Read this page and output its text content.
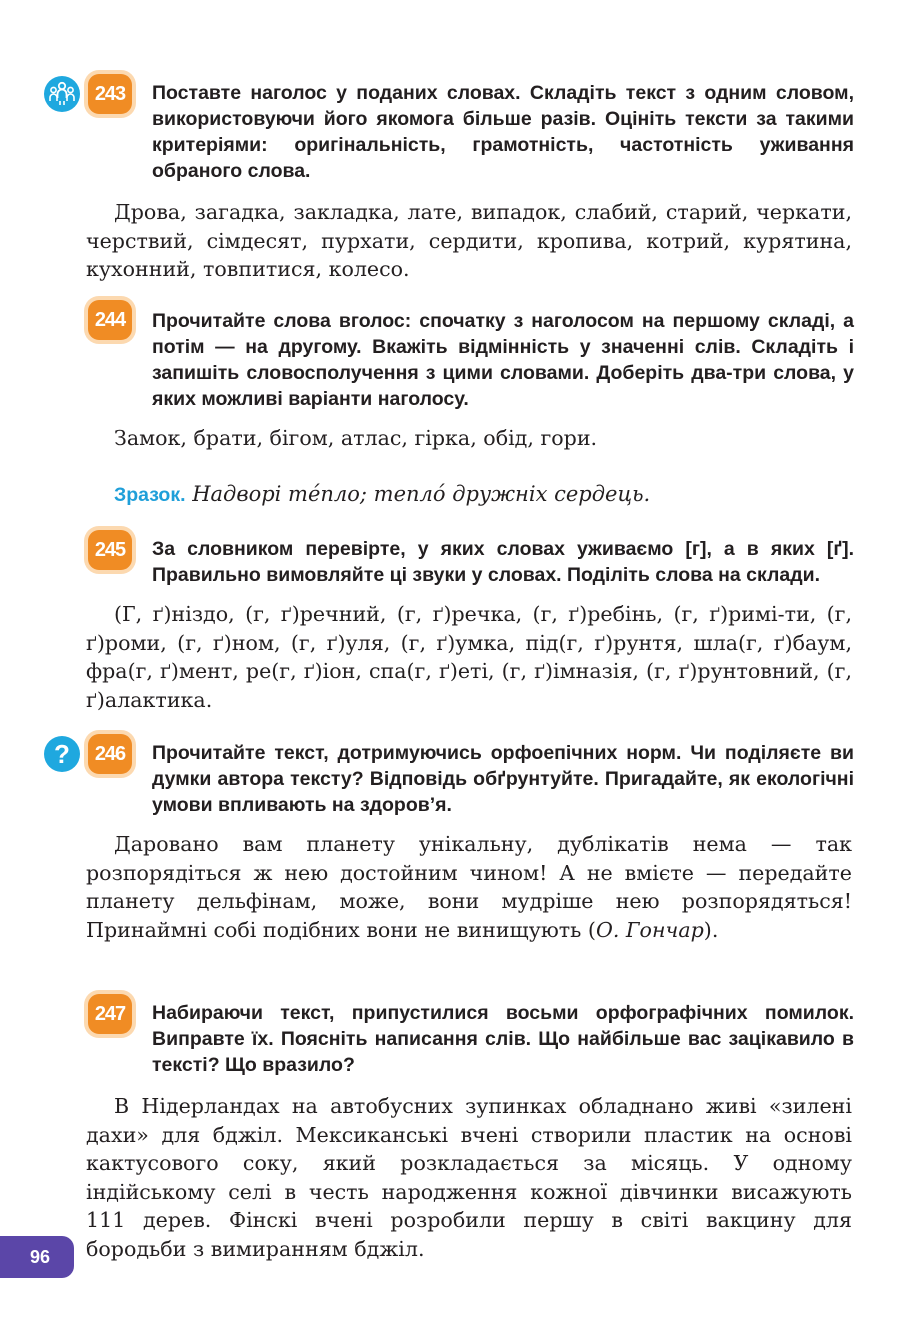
243	Поставте наголос у поданих словах. Складіть текст з одним словом, використовуючи його якомога більше разів. Оцініть тексти за такими критеріями: оригінальність, грамотність, частотність уживання обраного слова.
Дрова, загадка, закладка, лате, випадок, слабий, старий, черкати, черствий, сімдесят, пурхати, сердити, кропива, котрий, курятина, кухонний, товпитися, колесо.
244	Прочитайте слова вголос: спочатку з наголосом на першому складі, а потім — на другому. Вкажіть відмінність у значенні слів. Складіть і запишіть словосполучення з цими словами. Доберіть два-три слова, у яких можливі варіанти наголосу.
Замок, брати, бігом, атлас, гірка, обід, гори.
Зразок. Надворі те́пло; тепло́ дружніх сердець.
245	За словником перевірте, у яких словах уживаємо [г], а в яких [ґ]. Правильно вимовляйте ці звуки у словах. Поділіть слова на склади.
(Г, ґ)ніздо, (г, ґ)речний, (г, ґ)речка, (г, ґ)ребінь, (г, ґ)римі-ти, (г, ґ)роми, (г, ґ)ном, (г, ґ)уля, (г, ґ)умка, під(г, ґ)рунтя, шла(г, ґ)баум, фра(г, ґ)мент, ре(г, ґ)іон, спа(г, ґ)еті, (г, ґ)імназія, (г, ґ)рунтовний, (г, ґ)алактика.
?	246	Прочитайте текст, дотримуючись орфоепічних норм. Чи поділяєте ви думки автора тексту? Відповідь обґрунтуйте. Пригадайте, як екологічні умови впливають на здоров’я.
Даровано вам планету унікальну, дублікатів нема — так розпорядіться ж нею достойним чином! А не вмієте — передайте планету дельфінам, може, вони мудріше нею розпорядяться! Принаймні собі подібних вони не винищують (О. Гончар).
247	Набираючи текст, припустилися восьми орфографічних помилок. Виправте їх. Поясніть написання слів. Що найбільше вас зацікавило в тексті? Що вразило?
В Нідерландах на автобусних зупинках обладнано живі «зилені дахи» для бджіл. Мексиканські вчені створили пластик на основі кактусового соку, який розкладається за місяць. У одному індійському селі в честь народження кожної дівчинки висажують 111 дерев. Фінскі вчені розробили першу в світі вакцину для бородьби з вимиранням бджіл.
96
